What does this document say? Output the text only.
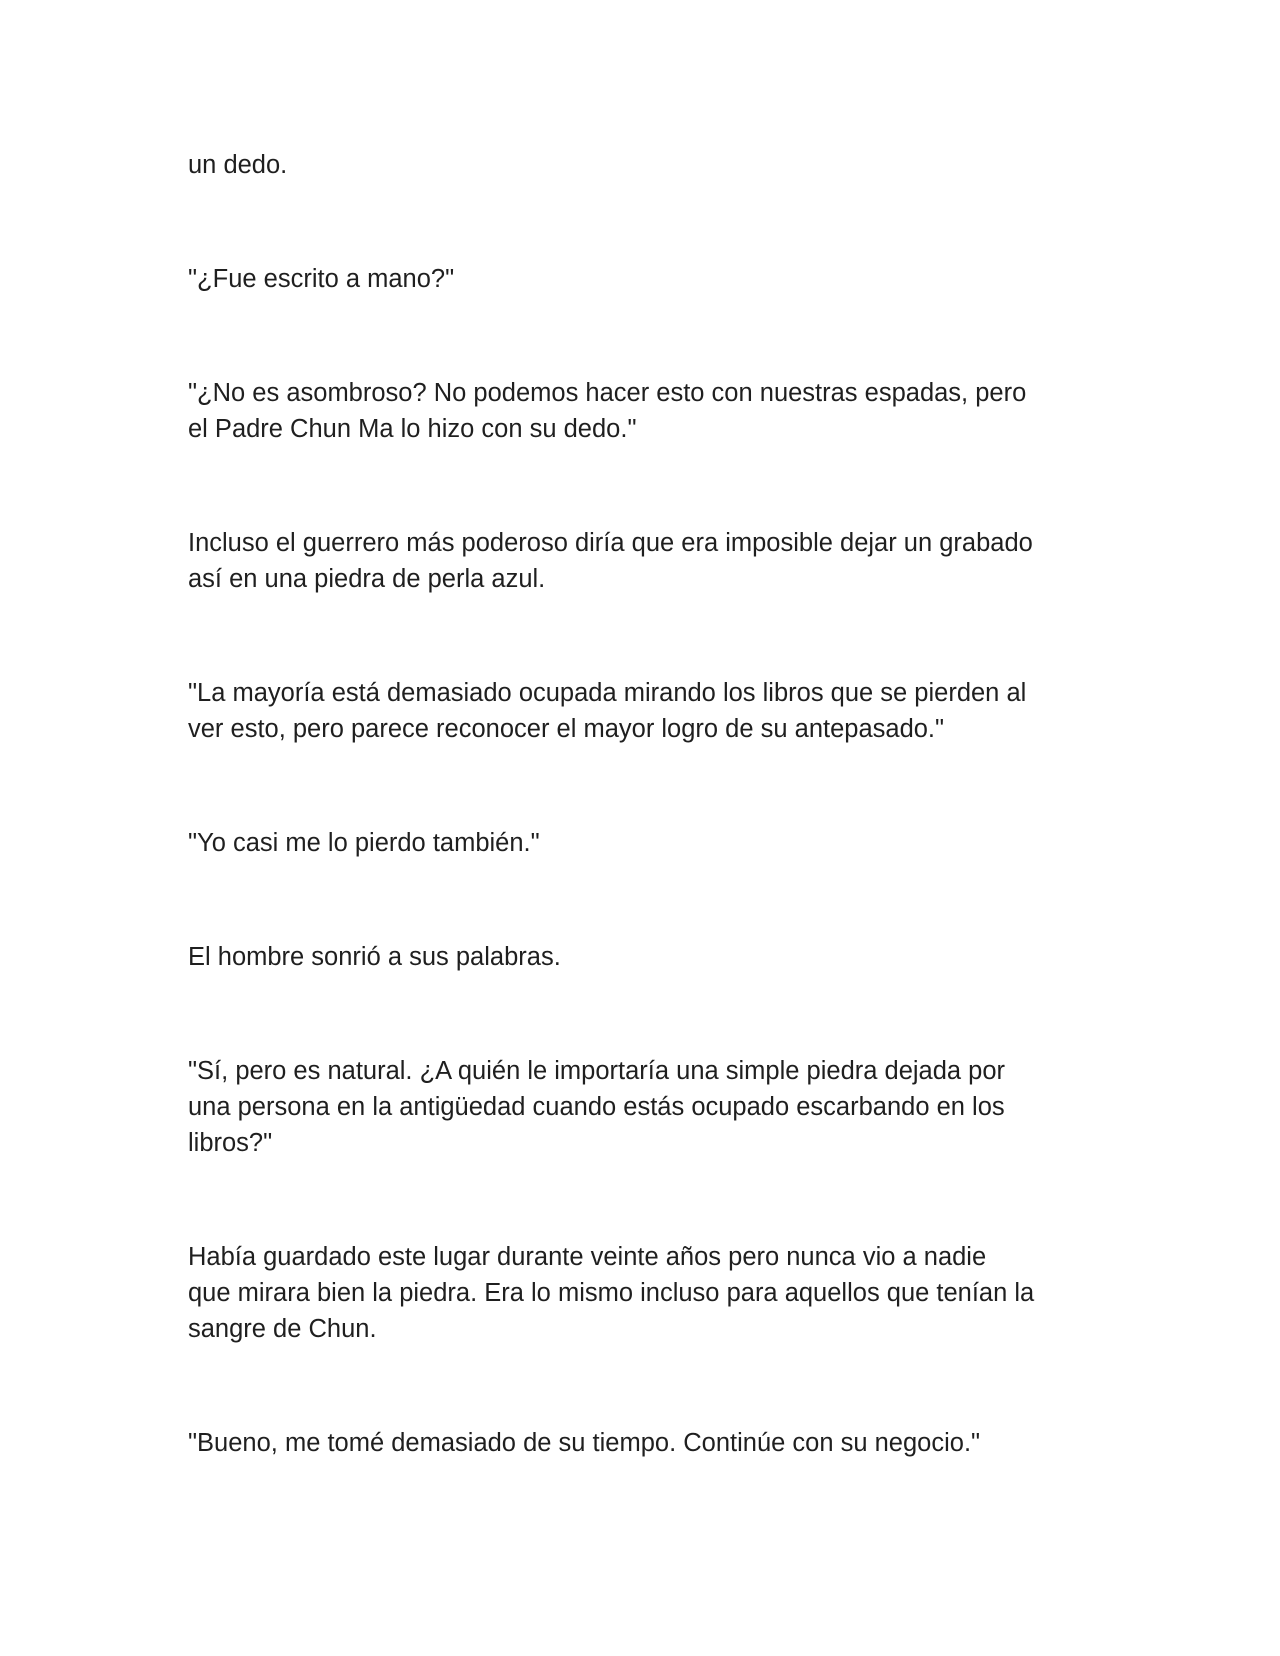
un dedo.

"¿Fue escrito a mano?"

"¿No es asombroso? No podemos hacer esto con nuestras espadas, pero
el Padre Chun Ma lo hizo con su dedo."

Incluso el guerrero más poderoso diría que era imposible dejar un grabado
así en una piedra de perla azul.

"La mayoría está demasiado ocupada mirando los libros que se pierden al
ver esto, pero parece reconocer el mayor logro de su antepasado."

"Yo casi me lo pierdo también."

El hombre sonrió a sus palabras.

"Sí, pero es natural. ¿A quién le importaría una simple piedra dejada por
una persona en la antigüedad cuando estás ocupado escarbando en los
libros?"

Había guardado este lugar durante veinte años pero nunca vio a nadie
que mirara bien la piedra. Era lo mismo incluso para aquellos que tenían la
sangre de Chun.

"Bueno, me tomé demasiado de su tiempo. Continúe con su negocio."
